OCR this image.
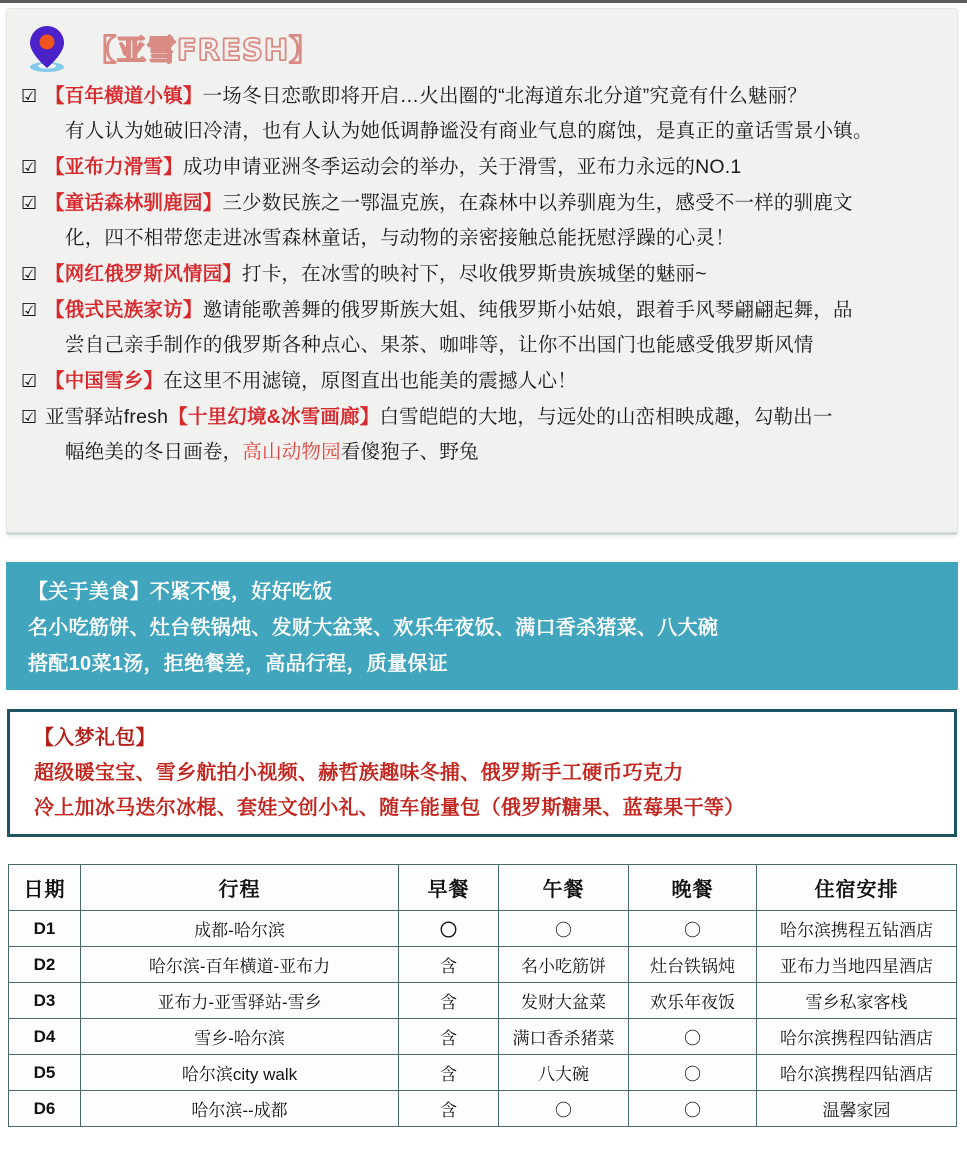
【亚雪FRESH】
☑ 【百年横道小镇】一场冬日恋歌即将开启…火出圈的“北海道东北分道”究竟有什么魅丽？
有人认为她破旧冷清，也有人认为她低调静谧没有商业气息的腐蚀，是真正的童话雪景小镇。
☑ 【亚布力滑雪】成功申请亚洲冬季运动会的举办，关于滑雪，亚布力永远的NO.1
☑ 【童话森林驯鹿园】三少数民族之一鄂温克族，在森林中以养驯鹿为生，感受不一样的驯鹿文
化，四不相带您走进冰雪森林童话，与动物的亲密接触总能抚慰浮躁的心灵！
☑ 【网红俄罗斯风情园】打卡，在冰雪的映衬下，尽收俄罗斯贵族城堡的魅丽~
☑ 【俄式民族家访】邀请能歌善舞的俄罗斯族大姐、纯俄罗斯小姑娘，跟着手风琴翩翩起舞，品
尝自己亲手制作的俄罗斯各种点心、果茶、咖啡等，让你不出国门也能感受俄罗斯风情
☑ 【中国雪乡】在这里不用滤镜，原图直出也能美的震撼人心！
☑ 亚雪驿站fresh【十里幻境&冰雪画廊】白雪皑皑的大地，与远处的山峦相映成趣，勾勒出一
幅绝美的冬日画卷，高山动物园看傻狍子、野兔
【关于美食】不紧不慢，好好吃饭
名小吃筋饼、灶台铁锅炖、发财大盆菜、欢乐年夜饭、满口香杀猪菜、八大碗
搭配10菜1汤，拒绝餐差，高品行程，质量保证
【入梦礼包】
超级暖宝宝、雪乡航拍小视频、赫哲族趣味冬捕、俄罗斯手工硬币巧克力
冷上加冰马迭尔冰棍、套娃文创小礼、随车能量包（俄罗斯糖果、蓝莓果干等）
日期	行程	早餐	午餐	晚餐	住宿安排
D1	成都-哈尔滨	〇	〇	〇	哈尔滨携程五钻酒店
D2	哈尔滨-百年横道-亚布力	含	名小吃筋饼	灶台铁锅炖	亚布力当地四星酒店
D3	亚布力-亚雪驿站-雪乡	含	发财大盆菜	欢乐年夜饭	雪乡私家客栈
D4	雪乡-哈尔滨	含	满口香杀猪菜	〇	哈尔滨携程四钻酒店
D5	哈尔滨city walk	含	八大碗	〇	哈尔滨携程四钻酒店
D6	哈尔滨--成都	含	〇	〇	温馨家园
